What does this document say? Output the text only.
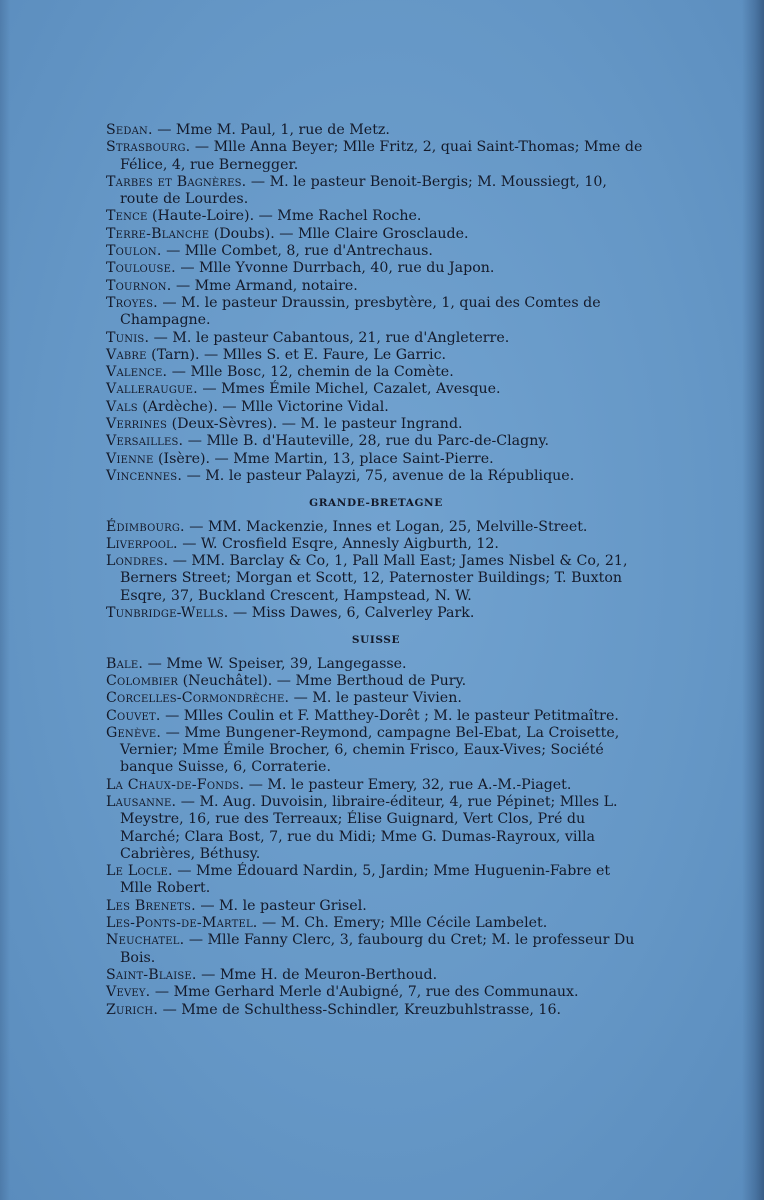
Sedan. — Mme M. Paul, 1, rue de Metz.

Strasbourg. — Mlle Anna Beyer; Mlle Fritz, 2, quai Saint-Thomas; Mme de Félice, 4, rue Bernegger.

Tarbes et Bagnères. — M. le pasteur Benoit-Bergis; M. Moussiegt, 10, route de Lourdes.

Tence (Haute-Loire). — Mme Rachel Roche.

Terre-Blanche (Doubs). — Mlle Claire Grosclaude.

Toulon. — Mlle Combet, 8, rue d'Antrechaus.

Toulouse. — Mlle Yvonne Durrbach, 40, rue du Japon.

Tournon. — Mme Armand, notaire.

Troyes. — M. le pasteur Draussin, presbytère, 1, quai des Comtes de Champagne.

Tunis. — M. le pasteur Cabantous, 21, rue d'Angleterre.

Vabre (Tarn). — Mlles S. et E. Faure, Le Garric.

Valence. — Mlle Bosc, 12, chemin de la Comète.

Valleraugue. — Mmes Émile Michel, Cazalet, Avesque.

Vals (Ardèche). — Mlle Victorine Vidal.

Verrines (Deux-Sèvres). — M. le pasteur Ingrand.

Versailles. — Mlle B. d'Hauteville, 28, rue du Parc-de-Clagny.

Vienne (Isère). — Mme Martin, 13, place Saint-Pierre.

Vincennes. — M. le pasteur Palayzi, 75, avenue de la République.

GRANDE-BRETAGNE

Édimbourg. — MM. Mackenzie, Innes et Logan, 25, Melville-Street.

Liverpool. — W. Crosfield Esqre, Annesly Aigburth, 12.

Londres. — MM. Barclay & Co, 1, Pall Mall East; James Nisbel & Co, 21, Berners Street; Morgan et Scott, 12, Paternoster Buildings; T. Buxton Esqre, 37, Buckland Crescent, Hampstead, N. W.

Tunbridge-Wells. — Miss Dawes, 6, Calverley Park.

SUISSE

Bale. — Mme W. Speiser, 39, Langegasse.

Colombier (Neuchâtel). — Mme Berthoud de Pury.

Corcelles-Cormondrèche. — M. le pasteur Vivien.

Couvet. — Mlles Coulin et F. Matthey-Dorêt ; M. le pasteur Petitmaître.

Genève. — Mme Bungener-Reymond, campagne Bel-Ebat, La Croisette, Vernier; Mme Émile Brocher, 6, chemin Frisco, Eaux-Vives; Société banque Suisse, 6, Corraterie.

La Chaux-de-Fonds. — M. le pasteur Emery, 32, rue A.-M.-Piaget.

Lausanne. — M. Aug. Duvoisin, libraire-éditeur, 4, rue Pépinet; Mlles L. Meystre, 16, rue des Terreaux; Élise Guignard, Vert Clos, Pré du Marché; Clara Bost, 7, rue du Midi; Mme G. Dumas-Rayroux, villa Cabrières, Béthusy.

Le Locle. — Mme Édouard Nardin, 5, Jardin; Mme Huguenin-Fabre et Mlle Robert.

Les Brenets. — M. le pasteur Grisel.

Les-Ponts-de-Martel. — M. Ch. Emery; Mlle Cécile Lambelet.

Neuchatel. — Mlle Fanny Clerc, 3, faubourg du Cret; M. le professeur Du Bois.

Saint-Blaise. — Mme H. de Meuron-Berthoud.

Vevey. — Mme Gerhard Merle d'Aubigné, 7, rue des Communaux.

Zurich. — Mme de Schulthess-Schindler, Kreuzbuhlstrasse, 16.
